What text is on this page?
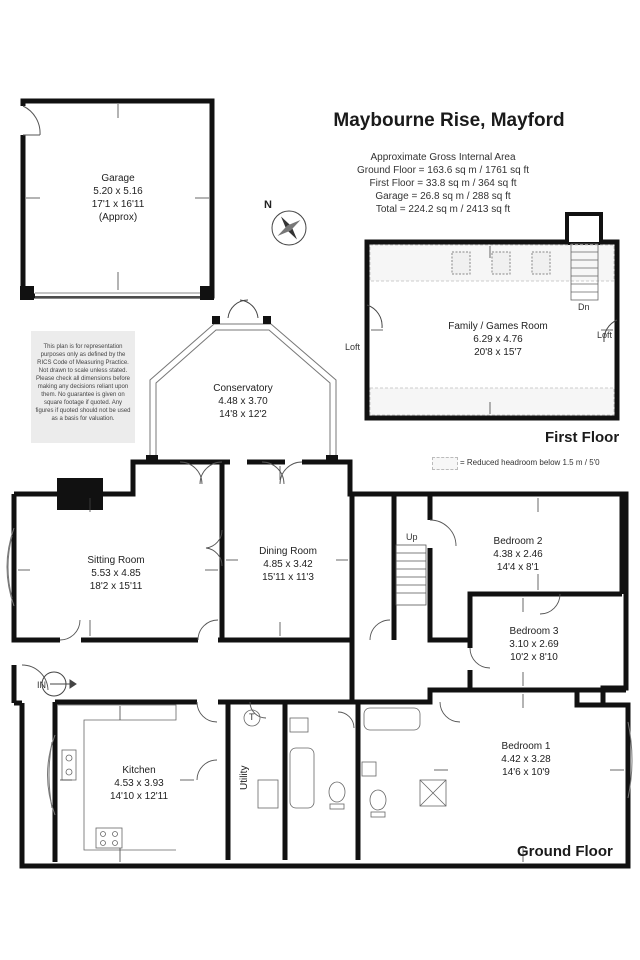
Maybourne Rise, Mayford
Approximate Gross Internal Area
Ground Floor = 163.6 sq m / 1761 sq ft
First Floor = 33.8 sq m / 364 sq ft
Garage = 26.8 sq m / 288 sq ft
Total = 224.2 sq m / 2413 sq ft
N
Garage
5.20 x 5.16
17'1 x 16'11
(Approx)
Family / Games Room
6.29 x 4.76
20'8 x 15'7
Loft
Loft
Dn
First Floor
= Reduced headroom below 1.5 m / 5'0
This plan is for representation purposes only as defined by the RICS Code of Measuring Practice. Not drawn to scale unless stated. Please check all dimensions before making any decisions reliant upon them. No guarantee is given on square footage if quoted. Any figures if quoted should not be used as a basis for valuation.
Conservatory
4.48 x 3.70
14'8 x 12'2
Sitting Room
5.53 x 4.85
18'2 x 15'11
Dining Room
4.85 x 3.42
15'11 x 11'3
Up	Bedroom 2
4.38 x 2.46
14'4 x 8'1
Bedroom 3
3.10 x 2.69
10'2 x 8'10
Bedroom 1
4.42 x 3.28
14'6 x 10'9
IN
Kitchen
4.53 x 3.93
14'10 x 12'11
Utility
T
Ground Floor
